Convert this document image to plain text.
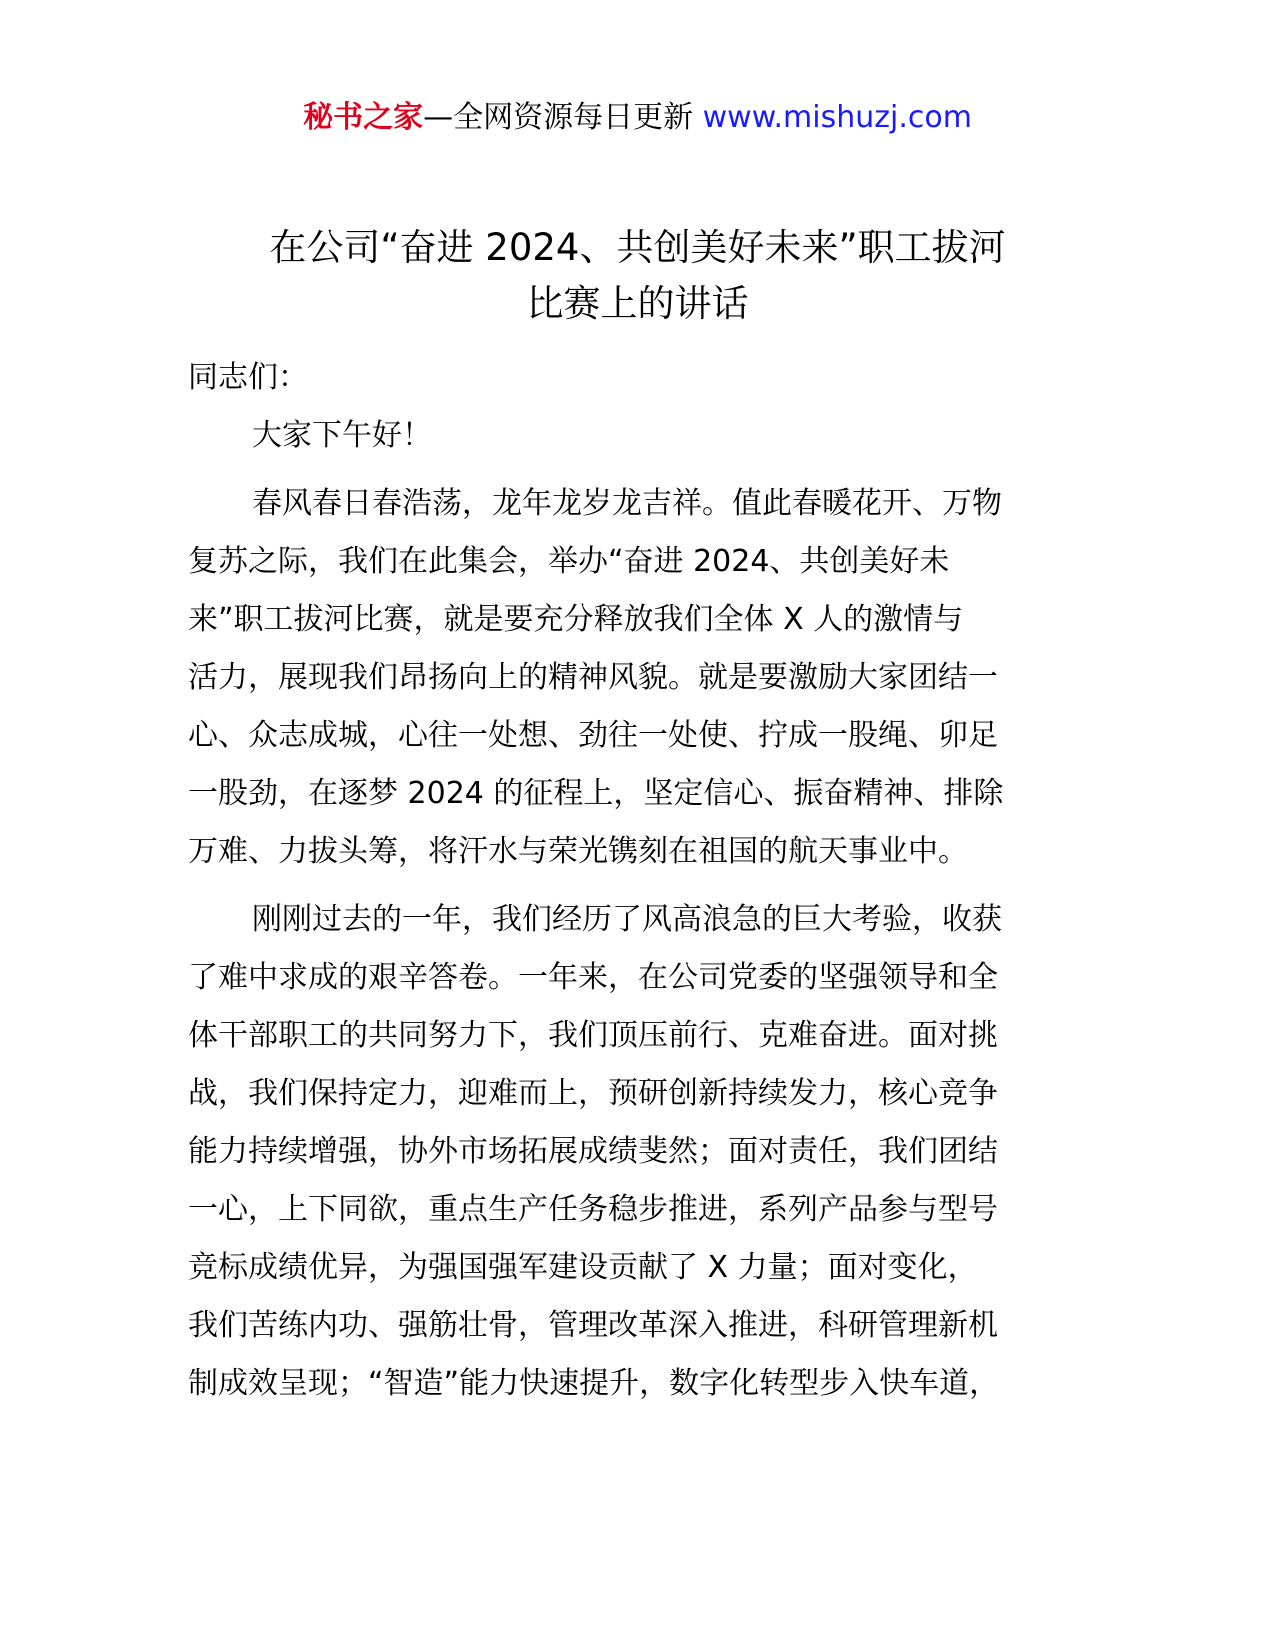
秘书之家—全网资源每日更新 www.mishuzj.com
在公司“奋进 2024、共创美好未来”职工拔河
比赛上的讲话

同志们：

大家下午好！

春风春日春浩荡，龙年龙岁龙吉祥。值此春暖花开、万物
复苏之际，我们在此集会，举办“奋进 2024、共创美好未
来”职工拔河比赛，就是要充分释放我们全体 X 人的激情与
活力，展现我们昂扬向上的精神风貌。就是要激励大家团结一
心、众志成城，心往一处想、劲往一处使、拧成一股绳、卯足
一股劲，在逐梦 2024 的征程上，坚定信心、振奋精神、排除
万难、力拔头筹，将汗水与荣光镌刻在祖国的航天事业中。

刚刚过去的一年，我们经历了风高浪急的巨大考验，收获
了难中求成的艰辛答卷。一年来，在公司党委的坚强领导和全
体干部职工的共同努力下，我们顶压前行、克难奋进。面对挑
战，我们保持定力，迎难而上，预研创新持续发力，核心竞争
能力持续增强，协外市场拓展成绩斐然；面对责任，我们团结
一心，上下同欲，重点生产任务稳步推进，系列产品参与型号
竞标成绩优异，为强国强军建设贡献了 X 力量；面对变化，
我们苦练内功、强筋壮骨，管理改革深入推进，科研管理新机
制成效呈现；“智造”能力快速提升，数字化转型步入快车道，
